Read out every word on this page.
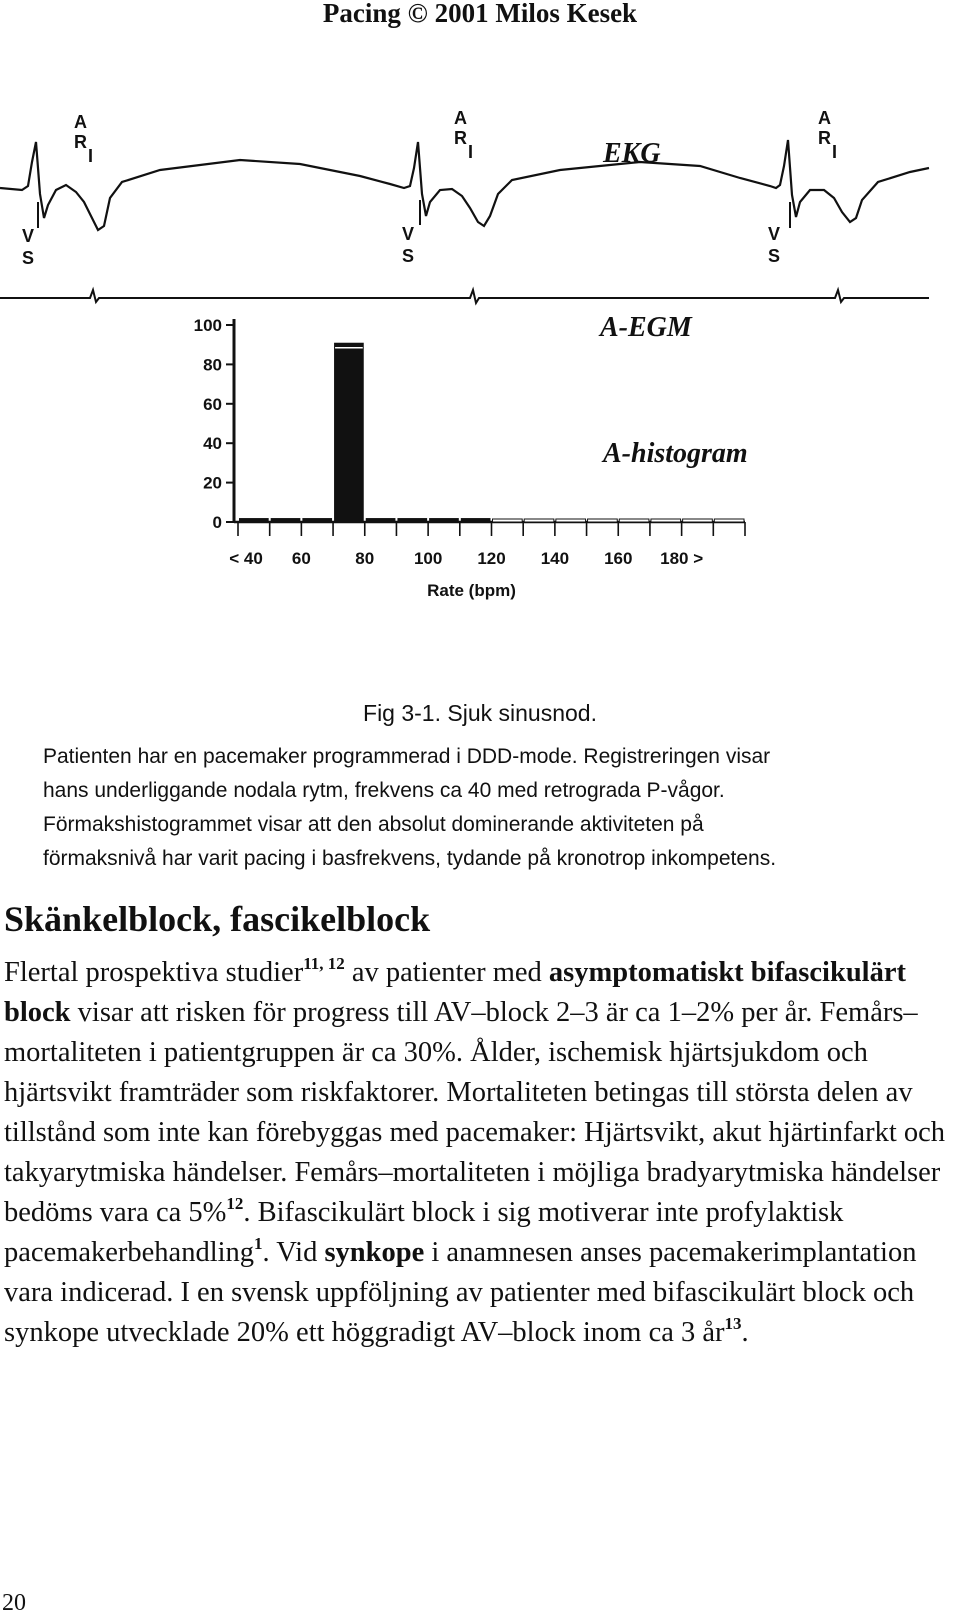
Pacing © 2001 Milos Kesek
A
R
I
V
S
A
R
I
V
S
A
R
I
V
S
EKG
A-EGM
A-histogram
0
20
40
60
80
100
< 40 60	80 100 120 140 160 180 >
Rate (bpm)
Fig 3-1. Sjuk sinusnod.

Patienten har en pacemaker programmerad i DDD-mode. Registreringen visar

hans underliggande nodala rytm, frekvens ca 40 med retrograda P-vågor.

Förmakshistogrammet visar att den absolut dominerande aktiviteten på

förmaksnivå har varit pacing i basfrekvens, tydande på kronotrop inkompetens.

Skänkelblock, fascikelblock
Flertal prospektiva studier$^{11, 12}$ av patienter med asymptomatiskt bifascikulärt block visar att risken för progress till AV–block 2–3 är ca 1–2% per år. Femårs–mortaliteten i patientgruppen är ca 30%. Ålder, ischemisk hjärtsjukdom och hjärtsvikt framträder som riskfaktorer. Mortaliteten betingas till största delen av tillstånd som inte kan förebyggas med pacemaker: Hjärtsvikt, akut hjärtinfarkt och takyarytmiska händelser. Femårs–mortaliteten i möjliga bradyarytmiska händelser bedöms vara ca 5%$^{12}$. Bifascikulärt block i sig motiverar inte profylaktisk pacemakerbehandling$^1$. Vid synkope i anamnesen anses pacemakerimplantation vara indicerad. I en svensk uppföljning av patienter med bifascikulärt block och synkope utvecklade 20% ett höggradigt AV–block inom ca 3 $år^{13}$.
20
